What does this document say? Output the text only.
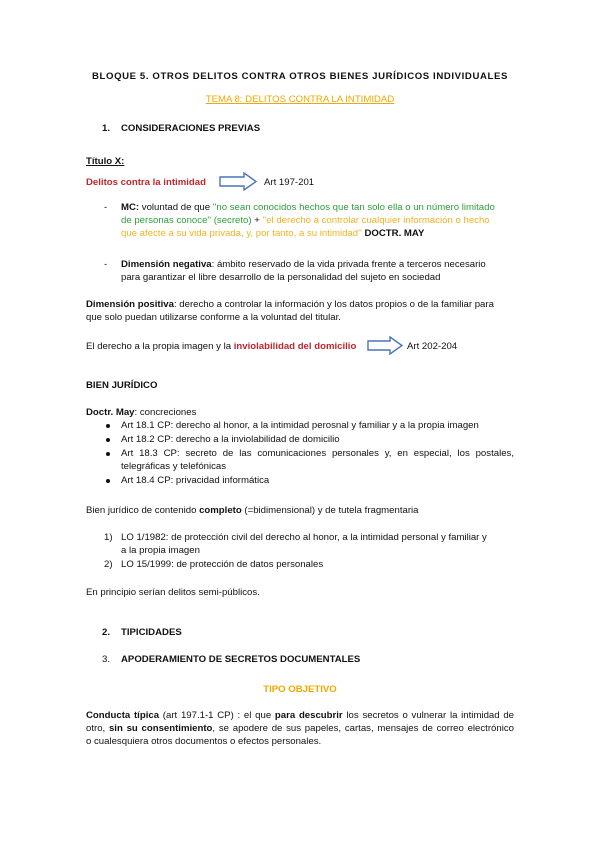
BLOQUE 5. OTROS DELITOS CONTRA OTROS BIENES JURÍDICOS INDIVIDUALES
TEMA 8: DELITOS CONTRA LA INTIMIDAD
1. CONSIDERACIONES PREVIAS
Título X:
Delitos contra la intimidad	Art 197-201
- MC: voluntad de que ''no sean conocidos hechos que tan solo ella o un número limitado
de personas conoce'' (secreto) + ''el derecho a controlar cualquier información o hecho
que afecte a su vida privada, y, por tanto, a su intimidad'' DOCTR. MAY
- Dimensión negativa: ámbito reservado de la vida privada frente a terceros necesario
para garantizar el libre desarrollo de la personalidad del sujeto en sociedad
Dimensión positiva: derecho a controlar la información y los datos propios o de la familiar para
que solo puedan utilizarse conforme a la voluntad del titular.
El derecho a la propia imagen y la inviolabilidad del domicilio	Art 202-204
BIEN JURÍDICO
Doctr. May: concreciones
Art 18.1 CP: derecho al honor, a la intimidad perosnal y familiar y a la propia imagen
Art 18.2 CP: derecho a la inviolabilidad de domicilio
Art 18.3 CP: secreto de las comunicaciones personales y, en especial, los postales,
telegráficas y telefónicas
Art 18.4 CP: privacidad informática
Bien jurídico de contenido completo (=bidimensional) y de tutela fragmentaria
1) LO 1/1982: de protección civil del derecho al honor, a la intimidad personal y familiar y
a la propia imagen
2) LO 15/1999: de protección de datos personales
En principio serían delitos semi-públicos.
2. TIPICIDADES
3. APODERAMIENTO DE SECRETOS DOCUMENTALES
TIPO OBJETIVO
Conducta típica (art 197.1-1 CP) : el que para descubrir los secretos o vulnerar la intimidad de
otro, sin su consentimiento, se apodere de sus papeles, cartas, mensajes de correo electrónico
o cualesquiera otros documentos o efectos personales.
